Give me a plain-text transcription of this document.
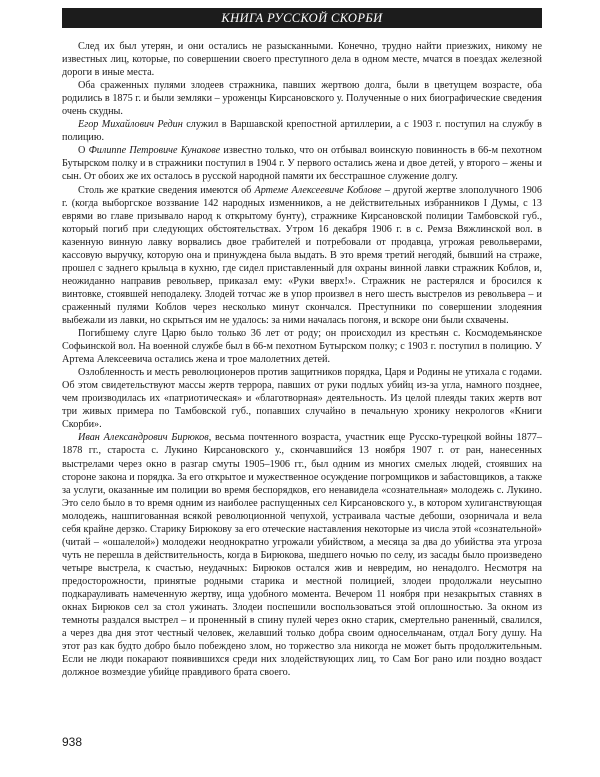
КНИГА РУССКОЙ СКОРБИ

След их был утерян, и они остались не разысканными. Конечно, трудно найти приезжих, никому не известных лиц, которые, по совершении своего преступного дела в одном месте, мчатся в поездах железной дороги в иные места.

Оба сраженных пулями злодеев стражника, павших жертвою долга, были в цветущем возрасте, оба родились в 1875 г. и были земляки – уроженцы Кирсановского у. Полученные о них биографические сведения очень скудны.

Егор Михайлович Редин служил в Варшавской крепостной артиллерии, а с 1903 г. поступил на службу в полицию.

О Филиппе Петровиче Кунакове известно только, что он отбывал воинскую повинность в 66-м пехотном Бутырском полку и в стражники поступил в 1904 г. У первого остались жена и двое детей, у второго – жены и сын. От обоих же их осталось в русской народной памяти их бесстрашное служение долгу.

Столь же краткие сведения имеются об Артеме Алексеевиче Коблове – другой жертве злополучного 1906 г. (когда выборгское воззвание 142 народных изменников, а не действительных избранников I Думы, с 13 еврями во главе призывало народ к открытому бунту), стражнике Кирсановской полиции Тамбовской губ., который погиб при следующих обстоятельствах. Утром 16 декабря 1906 г. в с. Ремза Вяжлинской вол. в казенную винную лавку ворвались двое грабителей и потребовали от продавца, угрожая револьверами, кассовую выручку, которую она и принуждена была выдать. В это время третий негодяй, бывший на страже, прошел с заднего крыльца в кухню, где сидел приставленный для охраны винной лавки стражник Коблов, и, неожиданно направив револьвер, приказал ему: «Руки вверх!». Стражник не растерялся и бросился к винтовке, стоявшей неподалеку. Злодей тотчас же в упор произвел в него шесть выстрелов из револьвера – и сраженный пулями Коблов через несколько минут скончался. Преступники по совершении злодеяния выбежали из лавки, но скрыться им не удалось: за ними началась погоня, и вскоре они были схвачены.

Погибшему слуге Царю было только 36 лет от роду; он происходил из крестьян с. Космодемьянское Софьинской вол. На военной службе был в 66-м пехотном Бутырском полку; с 1903 г. поступил в полицию. У Артема Алексеевича остались жена и трое малолетних детей.

Озлобленность и месть революционеров против защитников порядка, Царя и Родины не утихала с годами. Об этом свидетельствуют массы жертв террора, павших от руки подлых убийц из-за угла, намного позднее, чем производилась их «патриотическая» и «благотворная» деятельность. Из целой плеяды таких жертв вот три живых примера по Тамбовской губ., попавших случайно в печальную хронику некрологов «Книги Скорби».

Иван Александрович Бирюков, весьма почтенного возраста, участник еще Русско-турецкой войны 1877–1878 гг., староста с. Лукино Кирсановского у., скончавшийся 13 ноября 1907 г. от ран, нанесенных выстрелами через окно в разгар смуты 1905–1906 гг., был одним из многих смелых людей, стоявших на стороне закона и порядка. За его открытое и мужественное осуждение погромщиков и забастовщиков, а также за услуги, оказанные им полиции во время беспорядков, его ненавидела «сознательная» молодежь с. Лукино. Это село было в то время одним из наиболее распущенных сел Кирсановского у., в котором хулиганствующая молодежь, нашпигованная всякой революционной чепухой, устраивала частые дебоши, озорничала и вела себя крайне дерзко. Старику Бирюкову за его отеческие наставления некоторые из числа этой «сознательной» (читай – «ошалелой») молодежи неоднократно угрожали убийством, а месяца за два до убийства эта угроза чуть не перешла в действительность, когда в Бирюкова, шедшего ночью по селу, из засады было произведено четыре выстрела, к счастью, неудачных: Бирюков остался жив и невредим, но ненадолго. Несмотря на предосторожности, принятые родными старика и местной полицией, злодеи продолжали неусыпно подкарауливать намеченную жертву, ища удобного момента. Вечером 11 ноября при незакрытых ставнях в окнах Бирюков сел за стол ужинать. Злодеи поспешили воспользоваться этой оплошностью. За окном из темноты раздался выстрел – и проненный в спину пулей через окно старик, смертельно раненный, свалился, а через два дня этот честный человек, желавший только добра своим односельчанам, отдал Богу душу. На этот раз как будто добро было побеждено злом, но торжество зла никогда не может быть продолжительным. Если не люди покарают появившихся среди них злодействующих лиц, то Сам Бог рано или поздно воздаст должное возмездие убийце правдивого брата своего.

938
